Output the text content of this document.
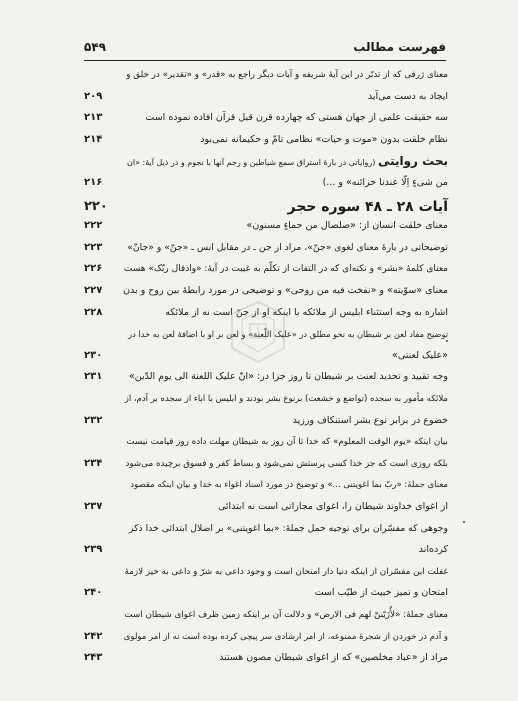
فهرست مطالب
۵۴۹
معنای ژرفی که از تدبّر در این آیهٔ شریفه و آیات دیگر راجع به «قدر» و «تقدیر» در خلق و
ایجاد به دست می‌آید
۲۰۹
سه حقیقت علمی از جهان هستی که چهارده قرن قبل قرآن افاده نموده است
۲۱۳
نظام خلقت بدون «موت و حیات» نظامی تامّ و حکیمانه نمی‌بود
۲۱۴
بحث روایتی (روایاتی در بارهٔ استراق سمع شیاطین و رجم آنها با نجوم و در ذیل آیهٔ: «ان
من شیءٍ اِلّا عندنا خزائنه» و ...)
۲۱۶
آیات ۲۸ ـ ۴۸ سوره حجر
۲۲۰
معنای خلقت انسان از: «صلصال من حماءٍ مسنون»
۲۲۲
توضیحاتی در بارهٔ معنای لغوی «جنّ»، مراد از جن ـ در مقابل انس ـ «جنّ» و «جانّ»
۲۲۳
معنای کلمهٔ «بشر» و نکته‌ای که در التفات از تکلّم به غیبت در آیهٔ: «واذقال ربّک» هست
۲۲۶
معنای «سوّیته» و «نفخت فیه من روحی» و توضیحی در مورد رابطهٔ بین روح و بدن
۲۲۷
اشاره به وجه استثناء ابلیس از ملائکه با اینکه او از جنّ است نه از ملائکه
۲۲۸
توضیح مفاد لعن بر شیطان به نحو مطلق در «علیک اللّعنة» و لعن بر او با اضافهٔ لعن به خدا در
«علیک لعنتی»
۲۳۰
وجه تقیید و تحدید لعنت بر شیطان تا روز جزا در: «انّ علیک اللعنة الی یوم الدّین»
۲۳۱
ملائکه مأمور به سجده (تواضع و خشعت) برنوع بشر بودند و ابلیس با اباء از سجده بر آدم، از
خضوع در برابر نوع بشر استنکاف ورزید
۲۳۲
بیان اینکه «یوم الوقت المعلوم» که خدا تا آن روز به شیطان مهلت داده روز قیامت نیست
بلکه روزی است که جز خدا کسی پرستش نمی‌شود و بساط کفر و فسوق برچیده می‌شود
۲۳۴
معنای جملهٔ: «ربّ بما اغویتنی ...» و توضیح در مورد اسناد اغواء به خدا و بیان اینکه مقصود
از اغوای خداوند شیطان را، اغوای مجازاتی است نه ابتدائی
۲۳۷
وجوهی که مفسّران برای توجیه حمل جملهٔ: «بما اغویتنی» بر اضلال ابتدائی خدا ذکر
کرده‌اند
۲۳۹
غفلت این مفسّران از اینکه دنیا دار امتحان است و وجود داعی به شرّ و داعی به خیر لازمهٔ
امتحان و تمیز خبیث از طیّب است
۲۴۰
معنای جملهٔ: «لأُزَیّننّ لهم فی الارض» و دلالت آن بر اینکه زمین ظرف اغوای شیطان است
و آدم در خوردن از شجرهٔ ممنوعه، از امر ارشادی سر پیچی کرده بوده است نه از امر مولوی
۲۴۲
مراد از «عباد مخلصین» که از اغوای شیطان مصون هستند
۲۴۳
